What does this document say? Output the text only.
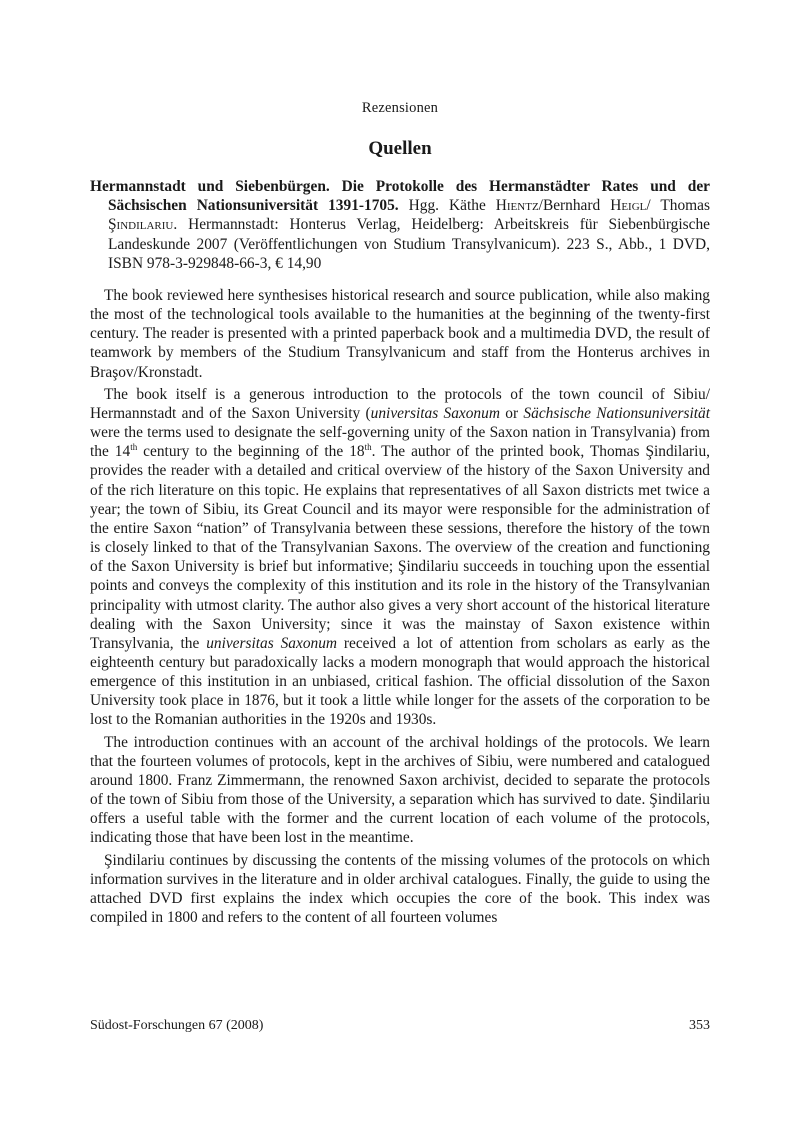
Rezensionen
Quellen
Hermannstadt und Siebenbürgen. Die Protokolle des Hermanstädter Rates und der Sächsischen Nationsuniversität 1391-1705. Hgg. Käthe Hientz/Bernhard Heigl/ Thomas Şindilariu. Hermannstadt: Honterus Verlag, Heidelberg: Arbeitskreis für Siebenbürgische Landeskunde 2007 (Veröffentlichungen von Studium Transylvanicum). 223 S., Abb., 1 DVD, ISBN 978-3-929848-66-3, € 14,90

The book reviewed here synthesises historical research and source publication, while also making the most of the technological tools available to the humanities at the beginning of the twenty-first century. The reader is presented with a printed paperback book and a multimedia DVD, the result of teamwork by members of the Studium Transylvanicum and staff from the Honterus archives in Braşov/Kronstadt.

The book itself is a generous introduction to the protocols of the town council of Sibiu/ Hermannstadt and of the Saxon University (universitas Saxonum or Sächsische Nationsuniversität were the terms used to designate the self-governing unity of the Saxon nation in Transylvania) from the 14th century to the beginning of the 18th. The author of the printed book, Thomas Şindilariu, provides the reader with a detailed and critical overview of the history of the Saxon University and of the rich literature on this topic. He explains that representatives of all Saxon districts met twice a year; the town of Sibiu, its Great Council and its mayor were responsible for the administration of the entire Saxon “nation” of Transylvania between these sessions, therefore the history of the town is closely linked to that of the Transylvanian Saxons. The overview of the creation and functioning of the Saxon University is brief but informative; Şindilariu succeeds in touching upon the essential points and conveys the complexity of this institution and its role in the history of the Transylvanian principality with utmost clarity. The author also gives a very short account of the historical literature dealing with the Saxon University; since it was the mainstay of Saxon existence within Transylvania, the universitas Saxonum received a lot of attention from scholars as early as the eighteenth century but paradoxically lacks a modern monograph that would approach the historical emergence of this institution in an unbiased, critical fashion. The official dissolution of the Saxon University took place in 1876, but it took a little while longer for the assets of the corporation to be lost to the Romanian authorities in the 1920s and 1930s.

The introduction continues with an account of the archival holdings of the protocols. We learn that the fourteen volumes of protocols, kept in the archives of Sibiu, were numbered and catalogued around 1800. Franz Zimmermann, the renowned Saxon archivist, decided to separate the protocols of the town of Sibiu from those of the University, a separation which has survived to date. Şindilariu offers a useful table with the former and the current location of each volume of the protocols, indicating those that have been lost in the meantime.

Şindilariu continues by discussing the contents of the missing volumes of the protocols on which information survives in the literature and in older archival catalogues. Finally, the guide to using the attached DVD first explains the index which occupies the core of the book. This index was compiled in 1800 and refers to the content of all fourteen volumes

Südost-Forschungen 67 (2008)	353
